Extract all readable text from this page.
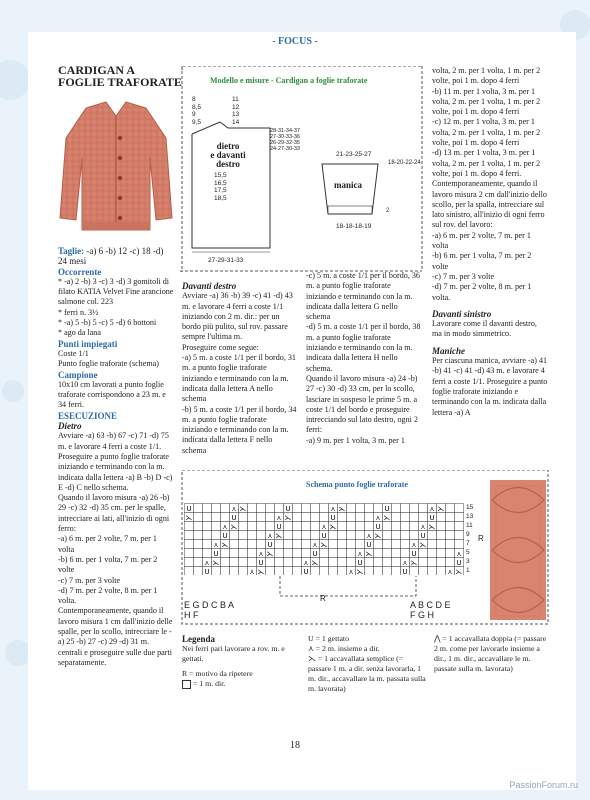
- FOCUS -
CARDIGAN A
FOGLIE TRAFORATE

Taglie: -a) 6 -b) 12 -c) 18 -d) 24 mesi

Occorrente

* -a) 2 -b) 3 -c) 3 -d) 3 gomitoli di filato KATIA Velvet Fine arancione salmone col. 223

* ferri n. 3½

* -a) 5 -b) 5 -c) 5 -d) 6 bottoni

* ago da lana

Punti impiegati

Coste 1/1

Punto foglie traforate (schema)

Campione

10x10 cm lavorati a punto foglie traforate corrispondono a 23 m. e 34 ferri.

ESECUZIONE

Dietro

Avviare -a) 63 -b) 67 -c) 71 -d) 75 m. e lavorare 4 ferri a coste 1/1. Proseguire a punto foglie traforate iniziando e terminando con la m. indicata dalla lettera -a) B -b) D -c) E -d) C nello schema.

Quando il lavoro misura -a) 26 -b) 29 -c) 32 -d) 35 cm. per le spalle, intrecciare ai lati, all'inizio di ogni ferro:

-a) 6 m. per 2 volte, 7 m. per 1 volta

-b) 6 m. per 1 volta, 7 m. per 2 volte

-c) 7 m. per 3 volte

-d) 7 m. per 2 volte, 8 m. per 1 volta.

Contemporaneamente, quando il lavoro misura 1 cm dall'inizio delle spalle, per lo scollo, intrecciare le -a) 25 -b) 27 -c) 29 -d) 31 m. centrali e proseguire sulle due parti separatamente.

Modello e misure - Cardigan a foglie traforate
8
8,5
9
9,5
11
12
13
14
dietro
e davanti
destro
15,5
16,5
17,5
18,5
28-31-34-37
27-30-33-36
26-29-32-35
24-27-30-33
27-29-31-33
21-23-25-27
manica
18-20-22-24
2
18-18-18-19

Davanti destro

Avviare -a) 36 -b) 39 -c) 41 -d) 43 m. e lavorare 4 ferri a coste 1/1 iniziando con 2 m. dir.: per un bordo più pulito, sul rov. passare sempre l'ultima m.

Proseguire come segue:

-a) 5 m. a coste 1/1 per il bordo, 31 m. a punto foglie traforate iniziando e terminando con la m. indicata dalla lettera A nello schema

-b) 5 m. a coste 1/1 per il bordo, 34 m. a punto foglie traforate iniziando e terminando con la m. indicata dalla lettera F nello schema

-c) 5 m. a coste 1/1 per il bordo, 36 m. a punto foglie traforate iniziando e terminando con la m. indicata dalla lettera G nello schema

-d) 5 m. a coste 1/1 per il bordo, 38 m. a punto foglie traforate iniziando e terminando con la m. indicata dalla lettera H nello schema.

Quando il lavoro misura -a) 24 -b) 27 -c) 30 -d) 33 cm, per lo scollo, lasciare in sospeso le prime 5 m. a coste 1/1 del bordo e proseguire intrecciando sul lato destro, ogni 2 ferri:

-a) 9 m. per 1 volta, 3 m. per 1

volta, 2 m. per 1 volta, 1 m. per 2 volte, poi 1 m. dopo 4 ferri

-b) 11 m. per 1 volta, 3 m. per 1 volta, 2 m. per 1 volta, 1 m. per 2 volte, poi 1 m. dopo 4 ferri

-c) 12 m. per 1 volta, 3 m. per 1 volta, 2 m. per 1 volta, 1 m. per 2 volte, poi 1 m. dopo 4 ferri

-d) 13 m. per 1 volta, 3 m. per 1 volta, 2 m. per 1 volta, 1 m. per 2 volte, poi 1 m. dopo 4 ferri.

Contemporaneamente, quando il lavoro misura 2 cm dall'inizio dello scollo, per la spalla, intrecciare sul lato sinistro, all'inizio di ogni ferro sul rov. del lavoro:

-a) 6 m. per 2 volte, 7 m. per 1 volta

-b) 6 m. per 1 volta, 7 m. per 2 volte

-c) 7 m. per 3 volte

-d) 7 m. per 2 volte, 8 m. per 1 volta.

Davanti sinistro

Lavorare come il davanti destro, ma in modo simmetrico.

Maniche

Per ciascuna manica, avviare -a) 41 -b) 41 -c) 41 -d) 43 m. e lavorare 4 ferri a coste 1/1. Proseguire a punto foglie traforate iniziando e terminando con la m. indicata dalla lettera -a) A

Schema punto foglie traforate
U	⋏ ⋋	U	⋏ ⋋	U	⋏ ⋋
⋋	U	⋏ ⋋	U	⋏ ⋋	U
⋏ ⋋	U	⋏ ⋋	U	⋏ ⋋
U	⋏ ⋋	U	⋏ ⋋	U
⋏ ⋋	U	⋏ ⋋	U	⋏ ⋋
U	⋏ ⋋	U	⋏ ⋋	U	⋏
⋏ ⋋	U	⋏ ⋋	U	⋏ ⋋	U
U	⋏ ⋋	U	⋏ ⋋	U	⋏ ⋋
15
13
11
9
7
5
3
1
R
R
E G D C B A
H F
A B C D E
F G H

Legenda

Nei ferri pari lavorare a rov. m. e gettati.

R = motivo da ripetere

= 1 m. dir.

U = 1 gettato

⋏ = 2 m. insieme a dir.

⋋ = 1 accavallata semplice (= passare 1 m. a dir. senza lavorarla, 1 m. dir., accavallare la m. passata sulla m. lavorata)

⋀ = 1 accavallata doppia (= passare 2 m. come per lavorarle insieme a dir., 1 m. dir., accavallare le m. passate sulla m. lavorata)

18
PassionForum.ru
